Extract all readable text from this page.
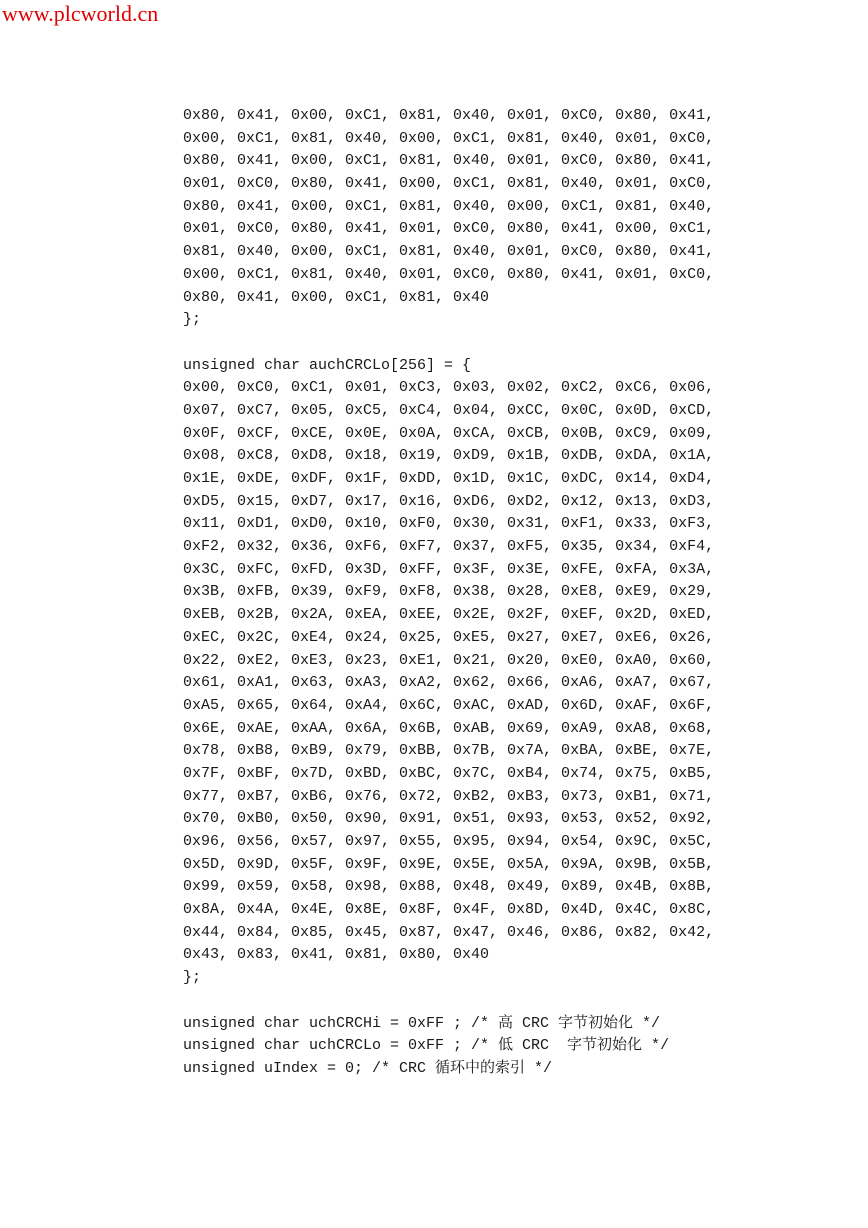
www.plcworld.cn
0x80, 0x41, 0x00, 0xC1, 0x81, 0x40, 0x01, 0xC0, 0x80, 0x41,
0x00, 0xC1, 0x81, 0x40, 0x00, 0xC1, 0x81, 0x40, 0x01, 0xC0,
0x80, 0x41, 0x00, 0xC1, 0x81, 0x40, 0x01, 0xC0, 0x80, 0x41,
0x01, 0xC0, 0x80, 0x41, 0x00, 0xC1, 0x81, 0x40, 0x01, 0xC0,
0x80, 0x41, 0x00, 0xC1, 0x81, 0x40, 0x00, 0xC1, 0x81, 0x40,
0x01, 0xC0, 0x80, 0x41, 0x01, 0xC0, 0x80, 0x41, 0x00, 0xC1,
0x81, 0x40, 0x00, 0xC1, 0x81, 0x40, 0x01, 0xC0, 0x80, 0x41,
0x00, 0xC1, 0x81, 0x40, 0x01, 0xC0, 0x80, 0x41, 0x01, 0xC0,
0x80, 0x41, 0x00, 0xC1, 0x81, 0x40
};
unsigned char auchCRCLo[256] = {
0x00, 0xC0, 0xC1, 0x01, 0xC3, 0x03, 0x02, 0xC2, 0xC6, 0x06,
0x07, 0xC7, 0x05, 0xC5, 0xC4, 0x04, 0xCC, 0x0C, 0x0D, 0xCD,
0x0F, 0xCF, 0xCE, 0x0E, 0x0A, 0xCA, 0xCB, 0x0B, 0xC9, 0x09,
0x08, 0xC8, 0xD8, 0x18, 0x19, 0xD9, 0x1B, 0xDB, 0xDA, 0x1A,
0x1E, 0xDE, 0xDF, 0x1F, 0xDD, 0x1D, 0x1C, 0xDC, 0x14, 0xD4,
0xD5, 0x15, 0xD7, 0x17, 0x16, 0xD6, 0xD2, 0x12, 0x13, 0xD3,
0x11, 0xD1, 0xD0, 0x10, 0xF0, 0x30, 0x31, 0xF1, 0x33, 0xF3,
0xF2, 0x32, 0x36, 0xF6, 0xF7, 0x37, 0xF5, 0x35, 0x34, 0xF4,
0x3C, 0xFC, 0xFD, 0x3D, 0xFF, 0x3F, 0x3E, 0xFE, 0xFA, 0x3A,
0x3B, 0xFB, 0x39, 0xF9, 0xF8, 0x38, 0x28, 0xE8, 0xE9, 0x29,
0xEB, 0x2B, 0x2A, 0xEA, 0xEE, 0x2E, 0x2F, 0xEF, 0x2D, 0xED,
0xEC, 0x2C, 0xE4, 0x24, 0x25, 0xE5, 0x27, 0xE7, 0xE6, 0x26,
0x22, 0xE2, 0xE3, 0x23, 0xE1, 0x21, 0x20, 0xE0, 0xA0, 0x60,
0x61, 0xA1, 0x63, 0xA3, 0xA2, 0x62, 0x66, 0xA6, 0xA7, 0x67,
0xA5, 0x65, 0x64, 0xA4, 0x6C, 0xAC, 0xAD, 0x6D, 0xAF, 0x6F,
0x6E, 0xAE, 0xAA, 0x6A, 0x6B, 0xAB, 0x69, 0xA9, 0xA8, 0x68,
0x78, 0xB8, 0xB9, 0x79, 0xBB, 0x7B, 0x7A, 0xBA, 0xBE, 0x7E,
0x7F, 0xBF, 0x7D, 0xBD, 0xBC, 0x7C, 0xB4, 0x74, 0x75, 0xB5,
0x77, 0xB7, 0xB6, 0x76, 0x72, 0xB2, 0xB3, 0x73, 0xB1, 0x71,
0x70, 0xB0, 0x50, 0x90, 0x91, 0x51, 0x93, 0x53, 0x52, 0x92,
0x96, 0x56, 0x57, 0x97, 0x55, 0x95, 0x94, 0x54, 0x9C, 0x5C,
0x5D, 0x9D, 0x5F, 0x9F, 0x9E, 0x5E, 0x5A, 0x9A, 0x9B, 0x5B,
0x99, 0x59, 0x58, 0x98, 0x88, 0x48, 0x49, 0x89, 0x4B, 0x8B,
0x8A, 0x4A, 0x4E, 0x8E, 0x8F, 0x4F, 0x8D, 0x4D, 0x4C, 0x8C,
0x44, 0x84, 0x85, 0x45, 0x87, 0x47, 0x46, 0x86, 0x82, 0x42,
0x43, 0x83, 0x41, 0x81, 0x80, 0x40
};
unsigned char uchCRCHi = 0xFF ; /* 高 CRC 字节初始化 */
unsigned char uchCRCLo = 0xFF ; /* 低 CRC  字节初始化 */
unsigned uIndex = 0; /* CRC 循环中的索引 */
